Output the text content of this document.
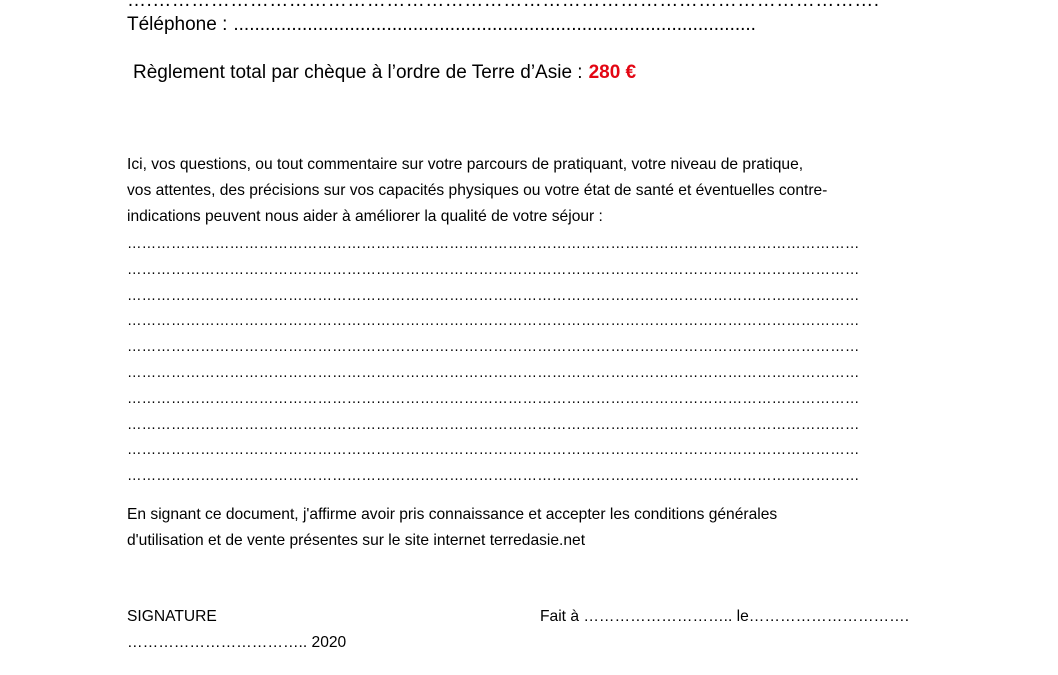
….………………………………………………………………………………………………….
Téléphone : ...................................................................................................
Règlement total par chèque à l’ordre de Terre d’Asie : 280 €
Ici, vos questions, ou tout commentaire sur votre parcours de pratiquant, votre niveau de pratique,
vos attentes, des précisions sur vos capacités physiques ou votre état de santé et éventuelles contre-
indications peuvent nous aider à améliorer la qualité de votre séjour :
……………………………………………………………………………………………………………………………………
……………………………………………………………………………………………………………………………………
……………………………………………………………………………………………………………………………………
……………………………………………………………………………………………………………………………………
……………………………………………………………………………………………………………………………………
……………………………………………………………………………………………………………………………………
……………………………………………………………………………………………………………………………………
……………………………………………………………………………………………………………………………………
……………………………………………………………………………………………………………………………………
……………………………………………………………………………………………………………………………………
En signant ce document, j'affirme avoir pris connaissance et accepter les conditions générales
d'utilisation et de vente présentes sur le site internet terredasie.net
SIGNATURE
…………………………….. 2020
Fait à ……………………….. le………………………….
